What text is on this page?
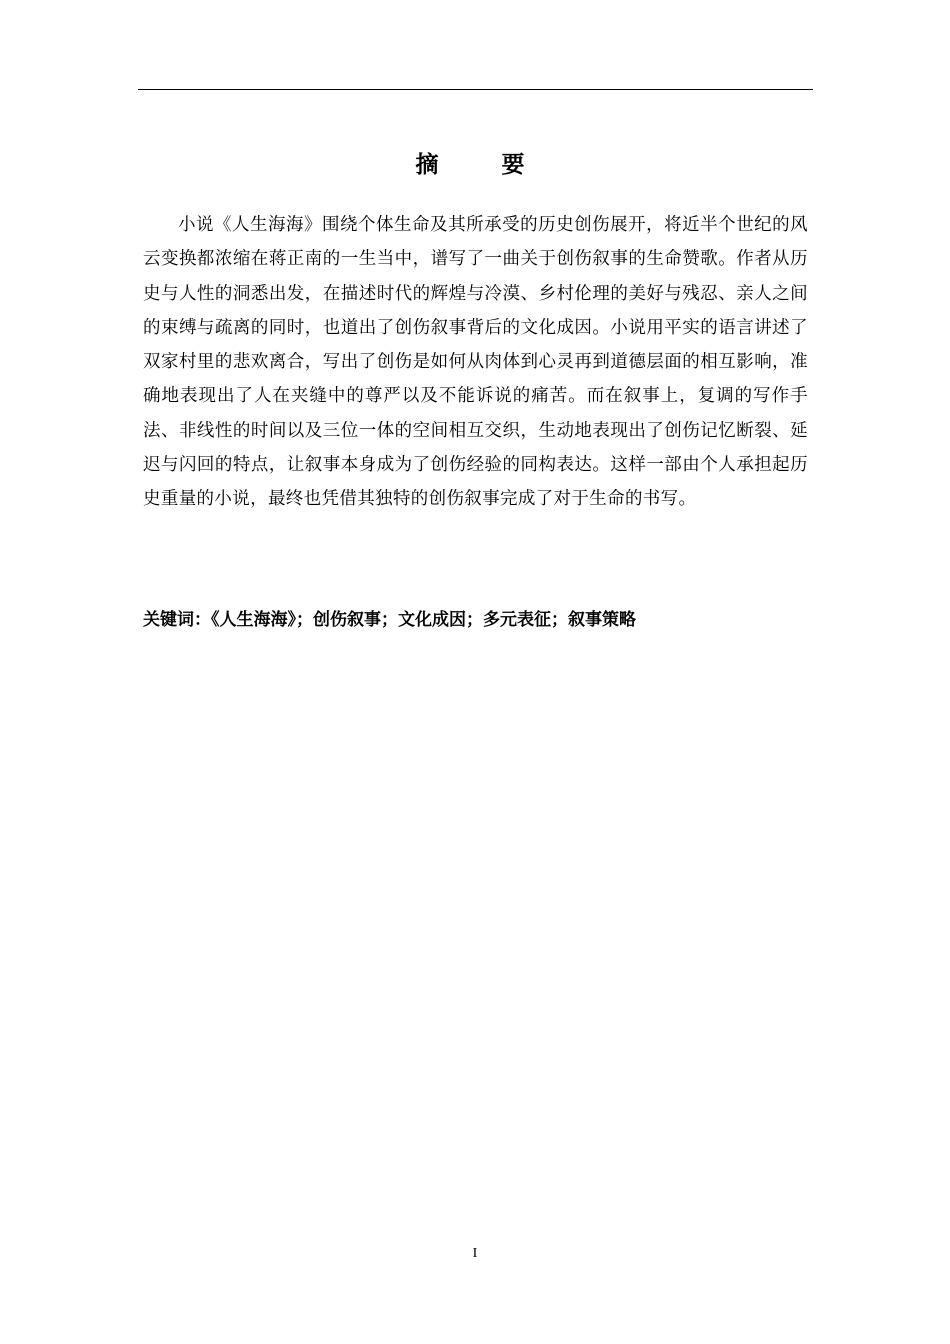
摘　要

小说《人生海海》围绕个体生命及其所承受的历史创伤展开，将近半个世纪的风云变换都浓缩在蒋正南的一生当中，谱写了一曲关于创伤叙事的生命赞歌。作者从历史与人性的洞悉出发，在描述时代的辉煌与冷漠、乡村伦理的美好与残忍、亲人之间的束缚与疏离的同时，也道出了创伤叙事背后的文化成因。小说用平实的语言讲述了双家村里的悲欢离合，写出了创伤是如何从肉体到心灵再到道德层面的相互影响，准确地表现出了人在夹缝中的尊严以及不能诉说的痛苦。而在叙事上，复调的写作手法、非线性的时间以及三位一体的空间相互交织，生动地表现出了创伤记忆断裂、延迟与闪回的特点，让叙事本身成为了创伤经验的同构表达。这样一部由个人承担起历史重量的小说，最终也凭借其独特的创伤叙事完成了对于生命的书写。

关键词：《人生海海》；创伤叙事；文化成因；多元表征；叙事策略
I
